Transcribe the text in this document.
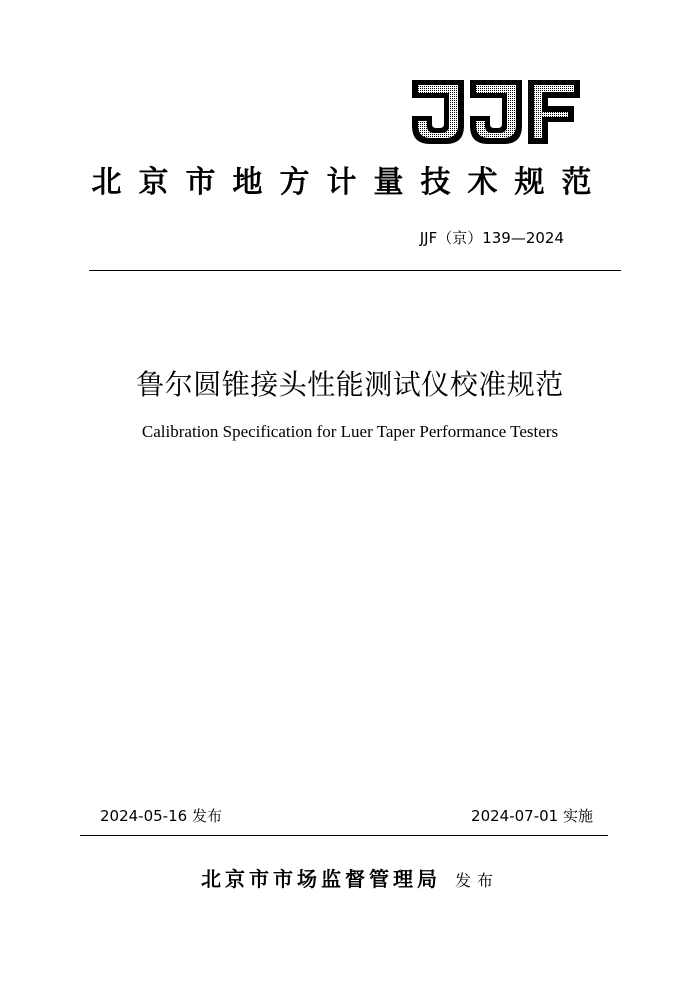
北京市地方计量技术规范
JJF（京）139—2024
鲁尔圆锥接头性能测试仪校准规范
Calibration Specification for Luer Taper Performance Testers
2024-05-16 发布	2024-07-01 实施
北京市市场监督管理局 发布
